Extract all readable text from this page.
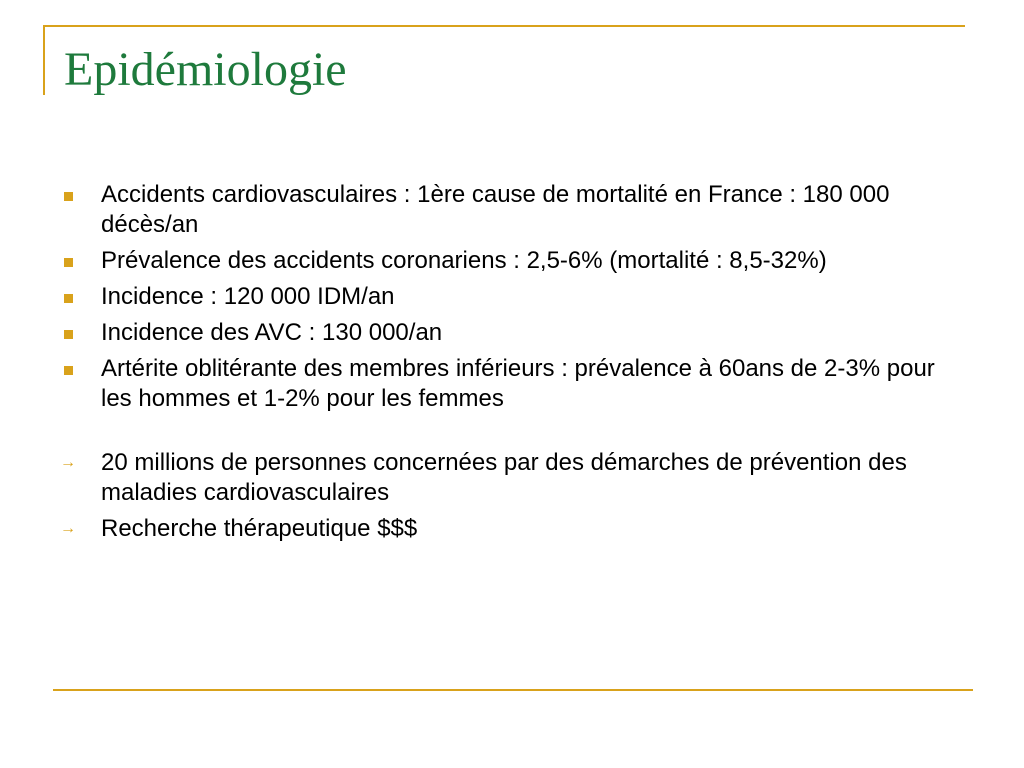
Epidémiologie
Accidents cardiovasculaires : 1ère cause de mortalité en France : 180 000 décès/an
Prévalence des accidents coronariens : 2,5-6% (mortalité : 8,5-32%)
Incidence : 120 000 IDM/an
Incidence des AVC : 130 000/an
Artérite oblitérante des membres inférieurs : prévalence à 60ans de 2-3% pour les hommes et 1-2% pour les femmes
→ 20 millions de personnes concernées par des démarches de prévention des maladies cardiovasculaires
→ Recherche thérapeutique $$$
